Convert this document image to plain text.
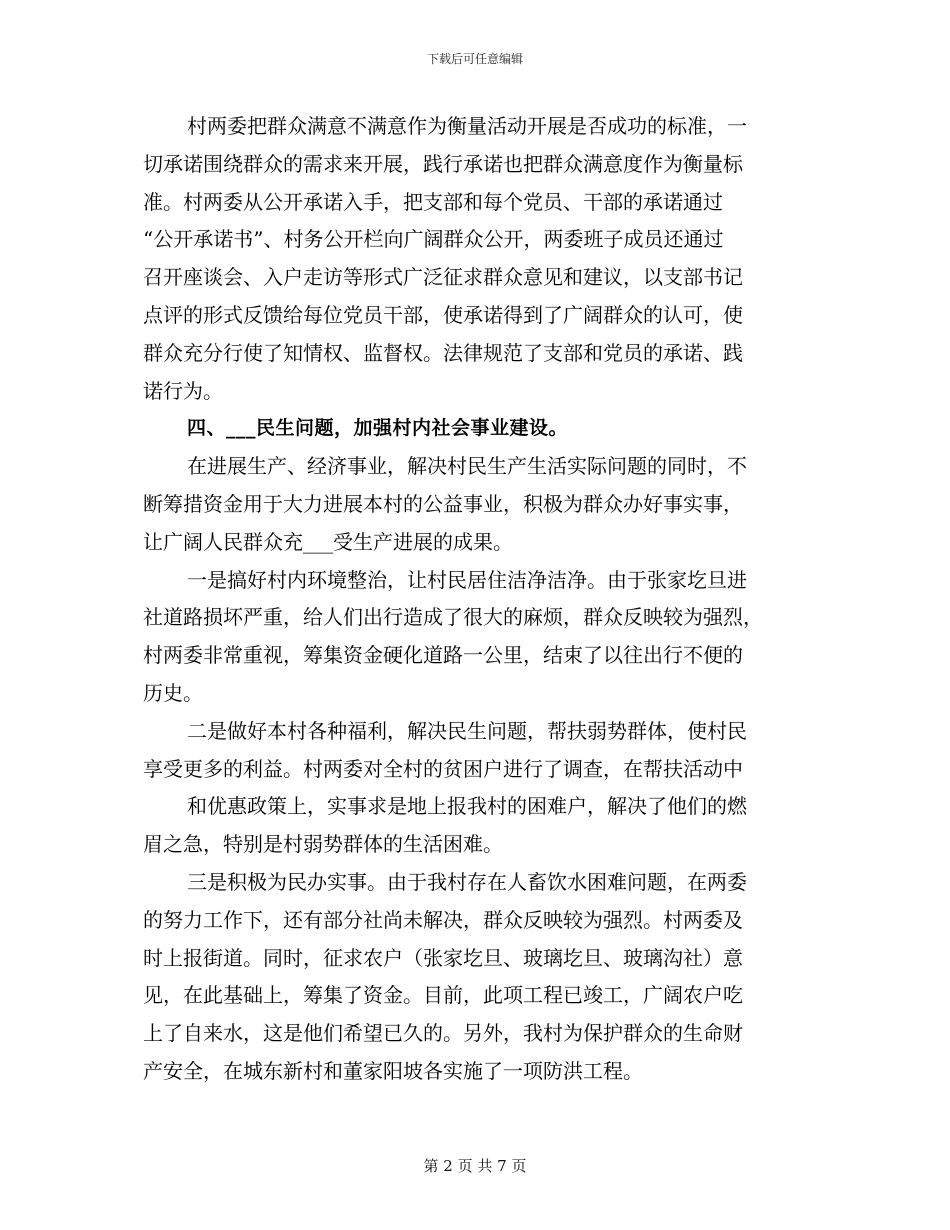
下载后可任意编辑
村两委把群众满意不满意作为衡量活动开展是否成功的标准，一
切承诺围绕群众的需求来开展，践行承诺也把群众满意度作为衡量标
准。村两委从公开承诺入手，把支部和每个党员、干部的承诺通过
“公开承诺书”、村务公开栏向广阔群众公开，两委班子成员还通过
召开座谈会、入户走访等形式广泛征求群众意见和建议，以支部书记
点评的形式反馈给每位党员干部，使承诺得到了广阔群众的认可，使
群众充分行使了知情权、监督权。法律规范了支部和党员的承诺、践
诺行为。
四、___民生问题，加强村内社会事业建设。
在进展生产、经济事业，解决村民生产生活实际问题的同时，不
断筹措资金用于大力进展本村的公益事业，积极为群众办好事实事，
让广阔人民群众充___受生产进展的成果。
一是搞好村内环境整治，让村民居住洁净洁净。由于张家圪旦进
社道路损坏严重，给人们出行造成了很大的麻烦，群众反映较为强烈，
村两委非常重视，筹集资金硬化道路一公里，结束了以往出行不便的
历史。
二是做好本村各种福利，解决民生问题，帮扶弱势群体，使村民
享受更多的利益。村两委对全村的贫困户进行了调查，在帮扶活动中
和优惠政策上，实事求是地上报我村的困难户，解决了他们的燃
眉之急，特别是村弱势群体的生活困难。
三是积极为民办实事。由于我村存在人畜饮水困难问题，在两委
的努力工作下，还有部分社尚未解决，群众反映较为强烈。村两委及
时上报街道。同时，征求农户（张家圪旦、玻璃圪旦、玻璃沟社）意
见，在此基础上，筹集了资金。目前，此项工程已竣工，广阔农户吃
上了自来水，这是他们希望已久的。另外，我村为保护群众的生命财
产安全，在城东新村和董家阳坡各实施了一项防洪工程。
第 2 页 共 7 页
